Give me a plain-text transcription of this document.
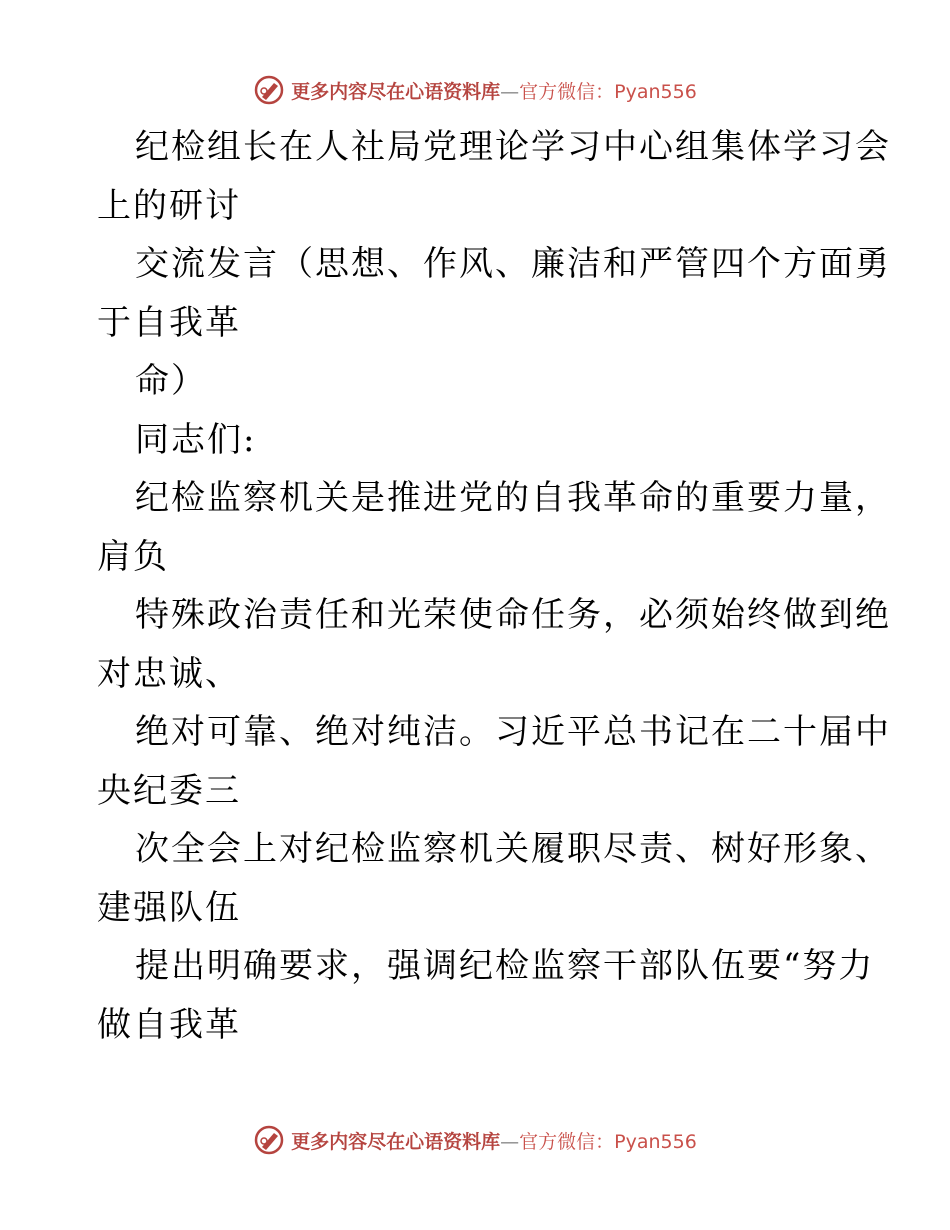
更多内容尽在心语资料库—官方微信：Pyan556
纪检组长在人社局党理论学习中心组集体学习会
上的研讨
交流发言（思想、作风、廉洁和严管四个方面勇
于自我革
命）
同志们:
纪检监察机关是推进党的自我革命的重要力量，
肩负
特殊政治责任和光荣使命任务，必须始终做到绝
对忠诚、
绝对可靠、绝对纯洁。习近平总书记在二十届中
央纪委三
次全会上对纪检监察机关履职尽责、树好形象、
建强队伍
提出明确要求，强调纪检监察干部队伍要“努力
做自我革
更多内容尽在心语资料库—官方微信：Pyan556
